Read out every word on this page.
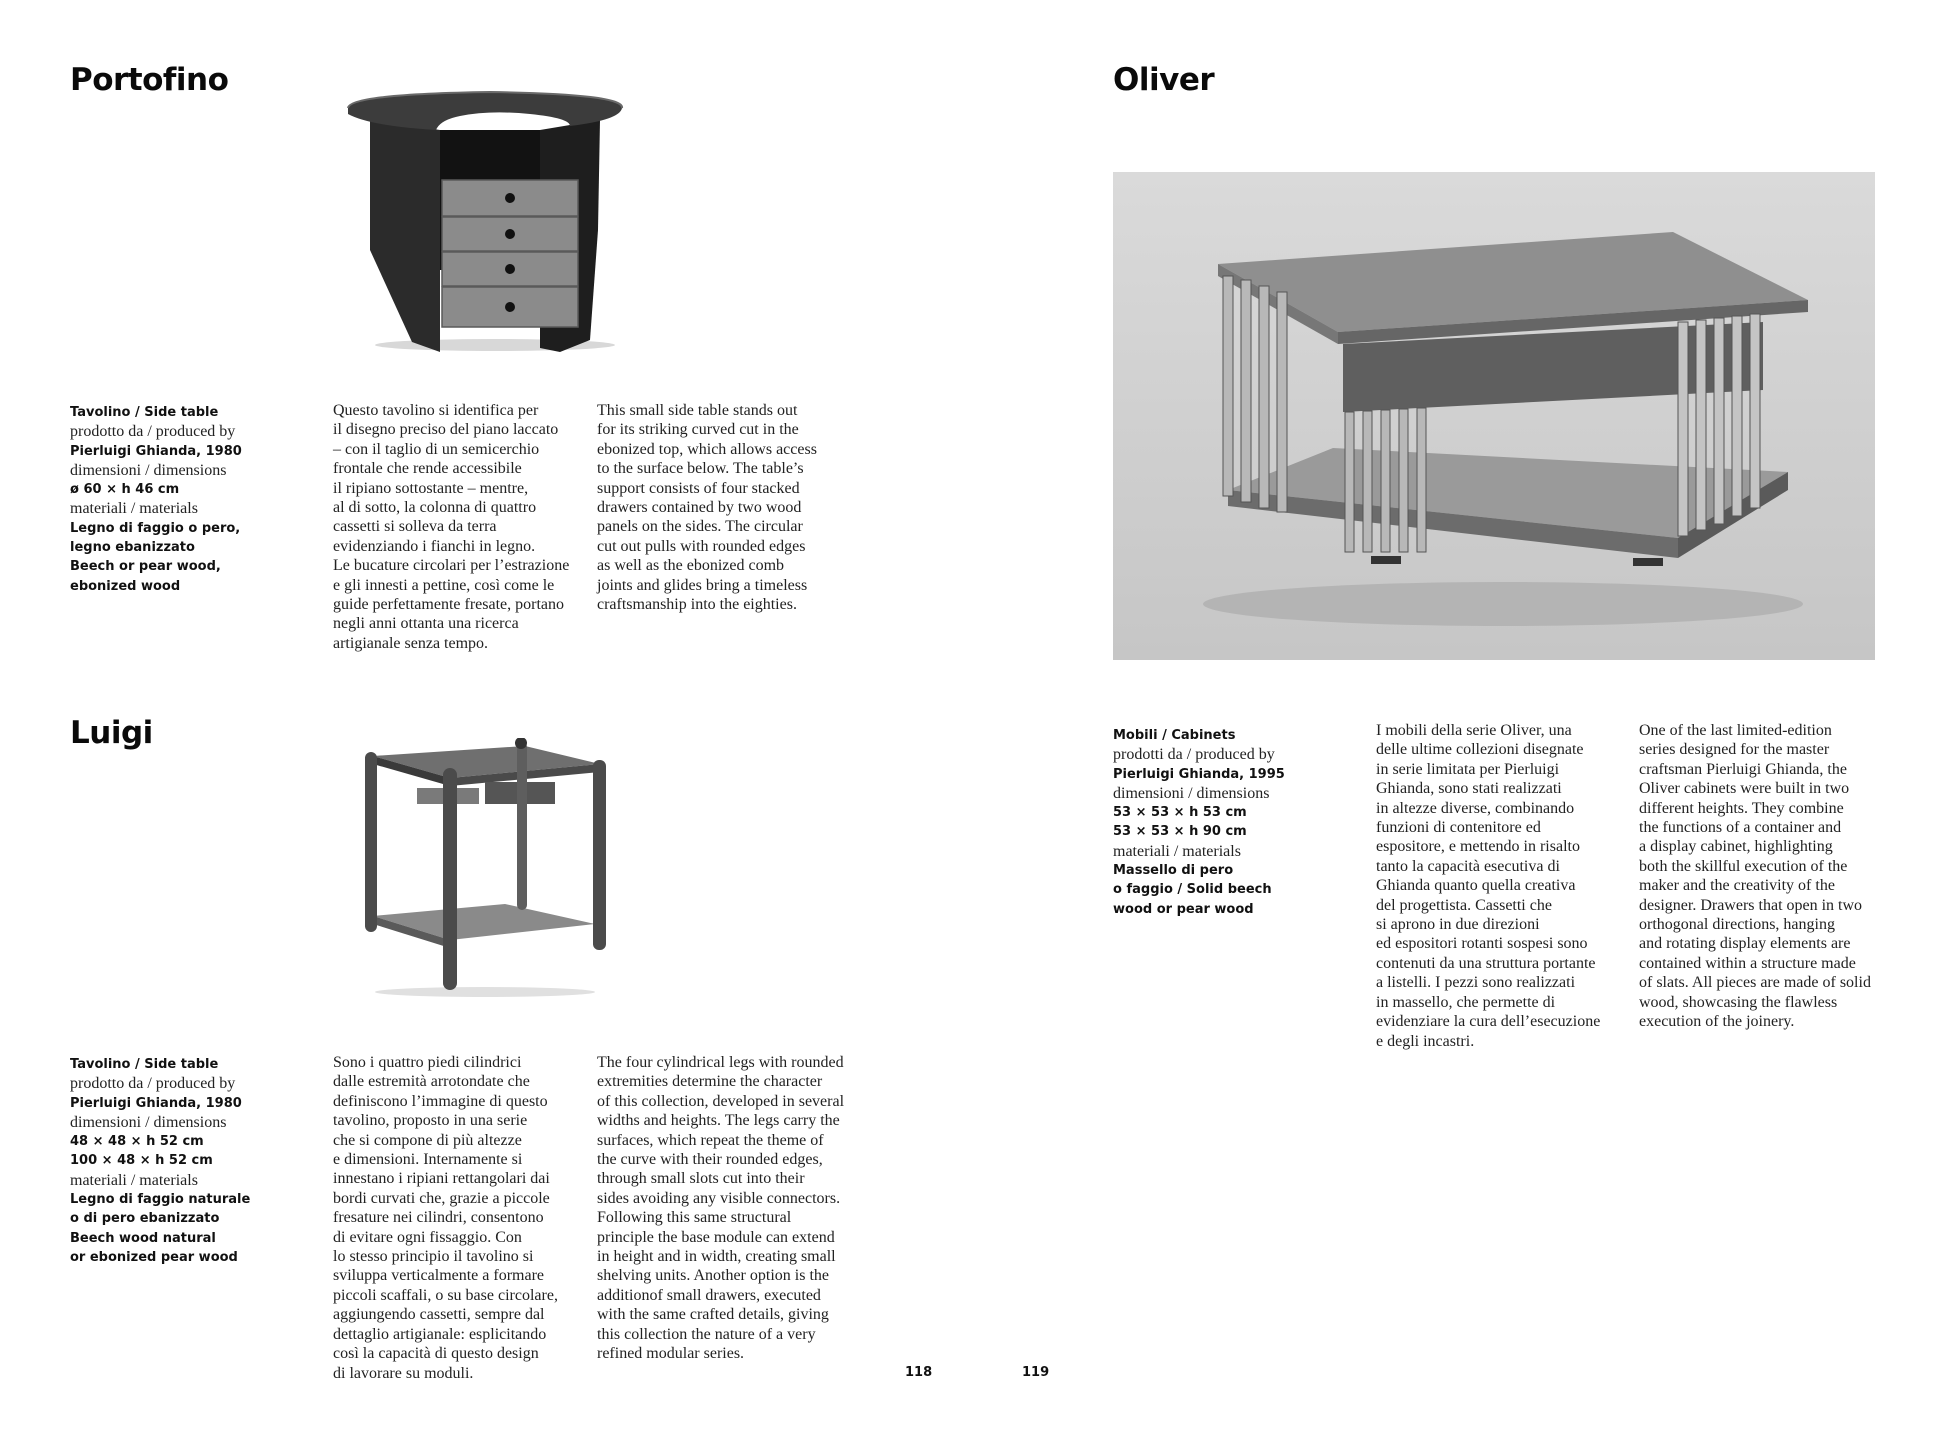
Portofino
Tavolino / Side table
prodotto da / produced by
Pierluigi Ghianda, 1980
dimensioni / dimensions
ø 60 × h 46 cm
materiali / materials
Legno di faggio o pero,
legno ebanizzato
Beech or pear wood,
ebonized wood
Questo tavolino si identifica per
il disegno preciso del piano laccato
– con il taglio di un semicerchio
frontale che rende accessibile
il ripiano sottostante – mentre,
al di sotto, la colonna di quattro
cassetti si solleva da terra
evidenziando i fianchi in legno.
Le bucature circolari per l’estrazione
e gli innesti a pettine, così come le
guide perfettamente fresate, portano
negli anni ottanta una ricerca
artigianale senza tempo.
This small side table stands out
for its striking curved cut in the
ebonized top, which allows access
to the surface below. The table’s
support consists of four stacked
drawers contained by two wood
panels on the sides. The circular
cut out pulls with rounded edges
as well as the ebonized comb
joints and glides bring a timeless
craftsmanship into the eighties.
Luigi
Tavolino / Side table
prodotto da / produced by
Pierluigi Ghianda, 1980
dimensioni / dimensions
48 × 48 × h 52 cm
100 × 48 × h 52 cm
materiali / materials
Legno di faggio naturale
o di pero ebanizzato
Beech wood natural
or ebonized pear wood
Sono i quattro piedi cilindrici
dalle estremità arrotondate che
definiscono l’immagine di questo
tavolino, proposto in una serie
che si compone di più altezze
e dimensioni. Internamente si
innestano i ripiani rettangolari dai
bordi curvati che, grazie a piccole
fresature nei cilindri, consentono
di evitare ogni fissaggio. Con
lo stesso principio il tavolino si
sviluppa verticalmente a formare
piccoli scaffali, o su base circolare,
aggiungendo cassetti, sempre dal
dettaglio artigianale: esplicitando
così la capacità di questo design
di lavorare su moduli.
The four cylindrical legs with rounded
extremities determine the character
of this collection, developed in several
widths and heights. The legs carry the
surfaces, which repeat the theme of
the curve with their rounded edges,
through small slots cut into their
sides avoiding any visible connectors.
Following this same structural
principle the base module can extend
in height and in width, creating small
shelving units. Another option is the
additionof small drawers, executed
with the same crafted details, giving
this collection the nature of a very
refined modular series.
118	119
Oliver
Mobili / Cabinets
prodotti da / produced by
Pierluigi Ghianda, 1995
dimensioni / dimensions
53 × 53 × h 53 cm
53 × 53 × h 90 cm
materiali / materials
Massello di pero
o faggio / Solid beech
wood or pear wood
I mobili della serie Oliver, una
delle ultime collezioni disegnate
in serie limitata per Pierluigi
Ghianda, sono stati realizzati
in altezze diverse, combinando
funzioni di contenitore ed
espositore, e mettendo in risalto
tanto la capacità esecutiva di
Ghianda quanto quella creativa
del progettista. Cassetti che
si aprono in due direzioni
ed espositori rotanti sospesi sono
contenuti da una struttura portante
a listelli. I pezzi sono realizzati
in massello, che permette di
evidenziare la cura dell’esecuzione
e degli incastri.
One of the last limited-edition
series designed for the master
craftsman Pierluigi Ghianda, the
Oliver cabinets were built in two
different heights. They combine
the functions of a container and
a display cabinet, highlighting
both the skillful execution of the
maker and the creativity of the
designer. Drawers that open in two
orthogonal directions, hanging
and rotating display elements are
contained within a structure made
of slats. All pieces are made of solid
wood, showcasing the flawless
execution of the joinery.
